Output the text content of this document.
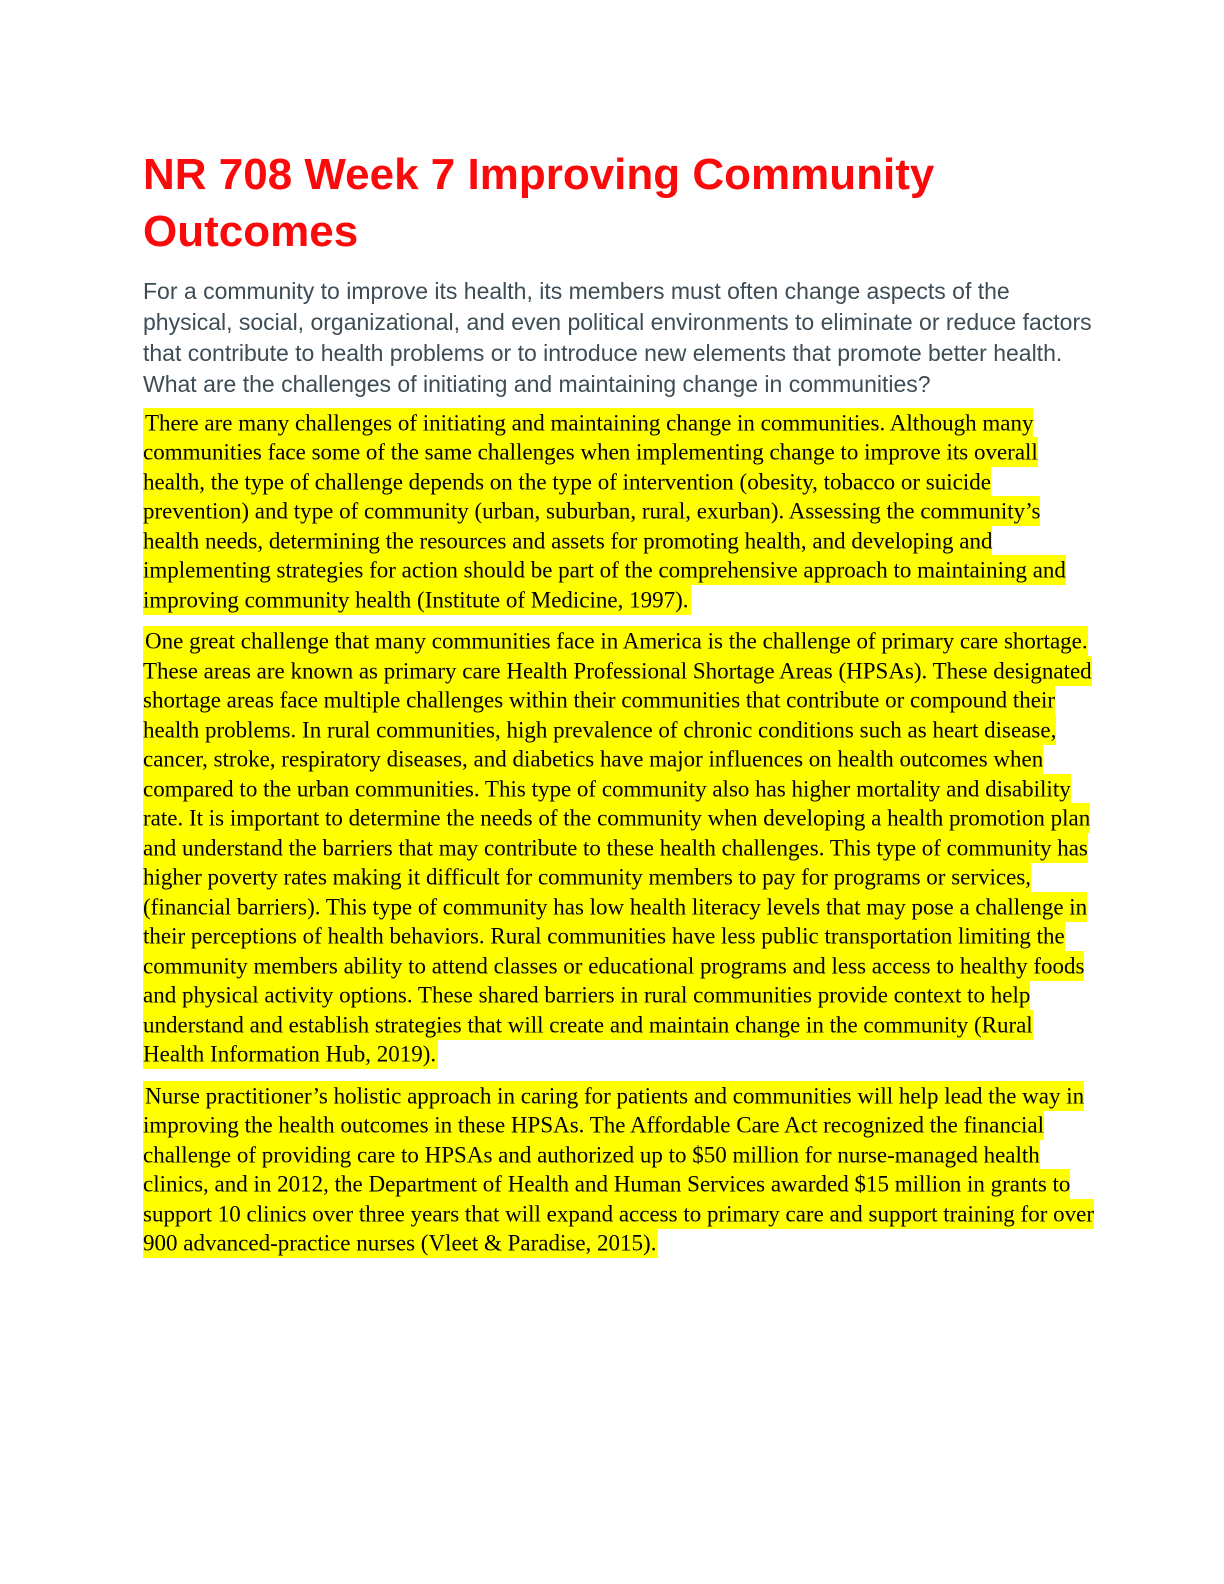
NR 708 Week 7 Improving Community Outcomes

For a community to improve its health, its members must often change aspects of the physical, social, organizational, and even political environments to eliminate or reduce factors that contribute to health problems or to introduce new elements that promote better health. What are the challenges of initiating and maintaining change in communities?

There are many challenges of initiating and maintaining change in communities. Although many communities face some of the same challenges when implementing change to improve its overall health, the type of challenge depends on the type of intervention (obesity, tobacco or suicide prevention) and type of community (urban, suburban, rural, exurban). Assessing the community’s health needs, determining the resources and assets for promoting health, and developing and implementing strategies for action should be part of the comprehensive approach to maintaining and improving community health (Institute of Medicine, 1997).

One great challenge that many communities face in America is the challenge of primary care shortage. These areas are known as primary care Health Professional Shortage Areas (HPSAs). These designated shortage areas face multiple challenges within their communities that contribute or compound their health problems. In rural communities, high prevalence of chronic conditions such as heart disease, cancer, stroke, respiratory diseases, and diabetics have major influences on health outcomes when compared to the urban communities. This type of community also has higher mortality and disability rate. It is important to determine the needs of the community when developing a health promotion plan and understand the barriers that may contribute to these health challenges. This type of community has higher poverty rates making it difficult for community members to pay for programs or services, (financial barriers). This type of community has low health literacy levels that may pose a challenge in their perceptions of health behaviors. Rural communities have less public transportation limiting the community members ability to attend classes or educational programs and less access to healthy foods and physical activity options. These shared barriers in rural communities provide context to help understand and establish strategies that will create and maintain change in the community (Rural Health Information Hub, 2019).

Nurse practitioner’s holistic approach in caring for patients and communities will help lead the way in improving the health outcomes in these HPSAs. The Affordable Care Act recognized the financial challenge of providing care to HPSAs and authorized up to $50 million for nurse-managed health clinics, and in 2012, the Department of Health and Human Services awarded $15 million in grants to support 10 clinics over three years that will expand access to primary care and support training for over 900 advanced-practice nurses (Vleet & Paradise, 2015).
